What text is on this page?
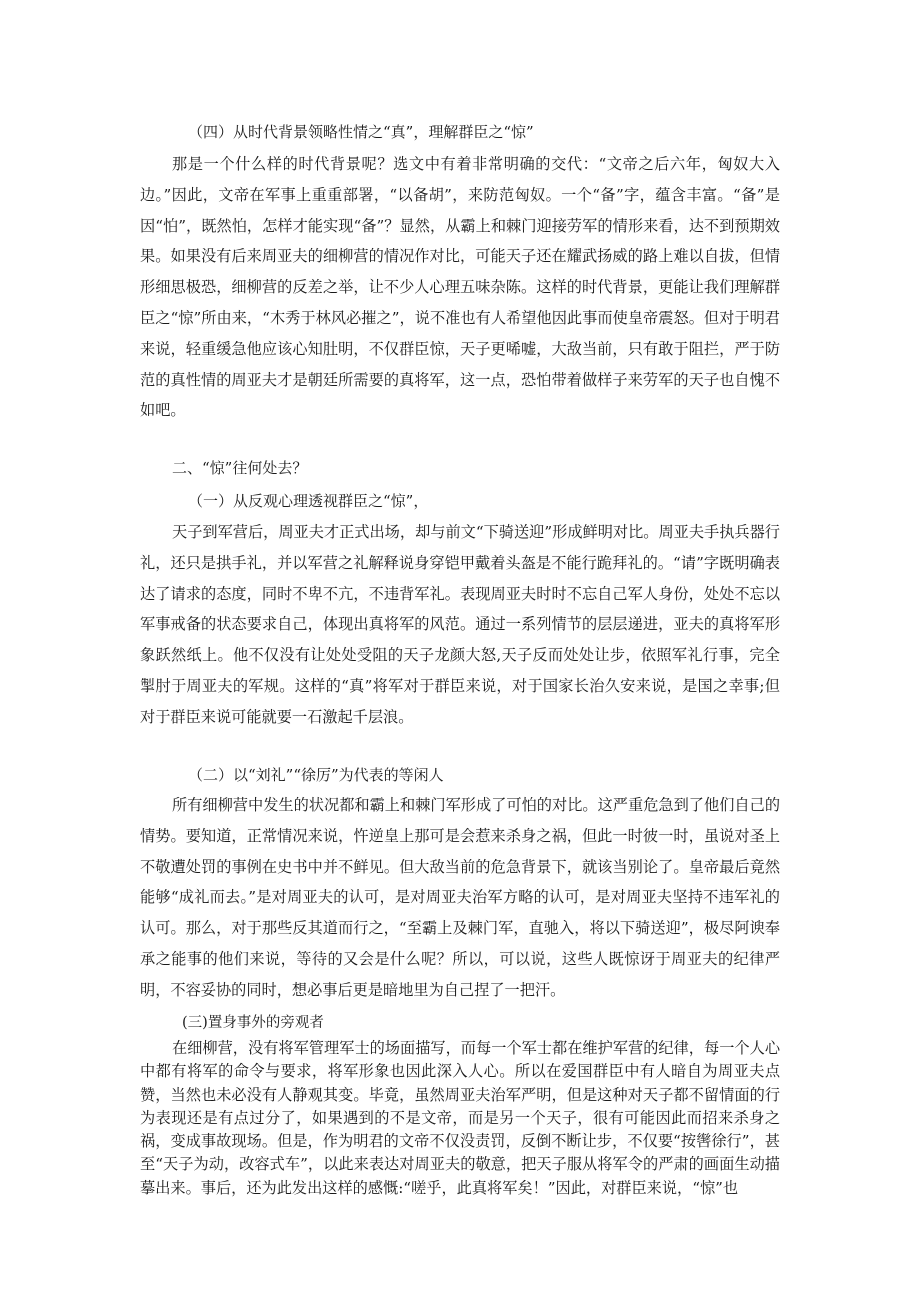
（四）从时代背景领略性情之“真”，理解群臣之“惊”

那是一个什么样的时代背景呢？选文中有着非常明确的交代：“文帝之后六年，匈奴大入边。”因此，文帝在军事上重重部署，“以备胡”，来防范匈奴。一个“备”字，蕴含丰富。“备”是因“怕”，既然怕，怎样才能实现“备”？显然，从霸上和棘门迎接劳军的情形来看，达不到预期效果。如果没有后来周亚夫的细柳营的情况作对比，可能天子还在耀武扬威的路上难以自拔，但情形细思极恐，细柳营的反差之举，让不少人心理五味杂陈。这样的时代背景，更能让我们理解群臣之“惊”所由来，“木秀于林风必摧之”，说不准也有人希望他因此事而使皇帝震怒。但对于明君来说，轻重缓急他应该心知肚明，不仅群臣惊，天子更唏嘘，大敌当前，只有敢于阻拦，严于防范的真性情的周亚夫才是朝廷所需要的真将军，这一点，恐怕带着做样子来劳军的天子也自愧不如吧。

二、“惊”往何处去？

（一）从反观心理透视群臣之“惊”，

天子到军营后，周亚夫才正式出场，却与前文“下骑送迎”形成鲜明对比。周亚夫手执兵器行礼，还只是拱手礼，并以军营之礼解释说身穿铠甲戴着头盔是不能行跪拜礼的。“请”字既明确表达了请求的态度，同时不卑不亢，不违背军礼。表现周亚夫时时不忘自己军人身份，处处不忘以军事戒备的状态要求自己，体现出真将军的风范。通过一系列情节的层层递进，亚夫的真将军形象跃然纸上。他不仅没有让处处受阻的天子龙颜大怒,天子反而处处让步，依照军礼行事，完全掣肘于周亚夫的军规。这样的“真”将军对于群臣来说，对于国家长治久安来说，是国之幸事;但对于群臣来说可能就要一石激起千层浪。

（二）以“刘礼”“徐厉”为代表的等闲人

所有细柳营中发生的状况都和霸上和棘门军形成了可怕的对比。这严重危急到了他们自己的情势。要知道，正常情况来说，忤逆皇上那可是会惹来杀身之祸，但此一时彼一时，虽说对圣上不敬遭处罚的事例在史书中并不鲜见。但大敌当前的危急背景下，就该当别论了。皇帝最后竟然能够“成礼而去。”是对周亚夫的认可，是对周亚夫治军方略的认可，是对周亚夫坚持不违军礼的认可。那么，对于那些反其道而行之，“至霸上及棘门军，直驰入，将以下骑送迎”，极尽阿谀奉承之能事的他们来说，等待的又会是什么呢？所以，可以说，这些人既惊讶于周亚夫的纪律严明，不容妥协的同时，想必事后更是暗地里为自己捏了一把汗。

(三)置身事外的旁观者

在细柳营，没有将军管理军士的场面描写，而每一个军士都在维护军营的纪律，每一个人心中都有将军的命令与要求，将军形象也因此深入人心。所以在爱国群臣中有人暗自为周亚夫点赞，当然也未必没有人静观其变。毕竟，虽然周亚夫治军严明，但是这种对天子都不留情面的行为表现还是有点过分了，如果遇到的不是文帝，而是另一个天子，很有可能因此而招来杀身之祸，变成事故现场。但是，作为明君的文帝不仅没责罚，反倒不断让步，不仅要“按辔徐行”，甚至“天子为动，改容式车”，以此来表达对周亚夫的敬意，把天子服从将军令的严肃的画面生动描摹出来。事后，还为此发出这样的感慨:“嗟乎，此真将军矣！”因此，对群臣来说，“惊”也
